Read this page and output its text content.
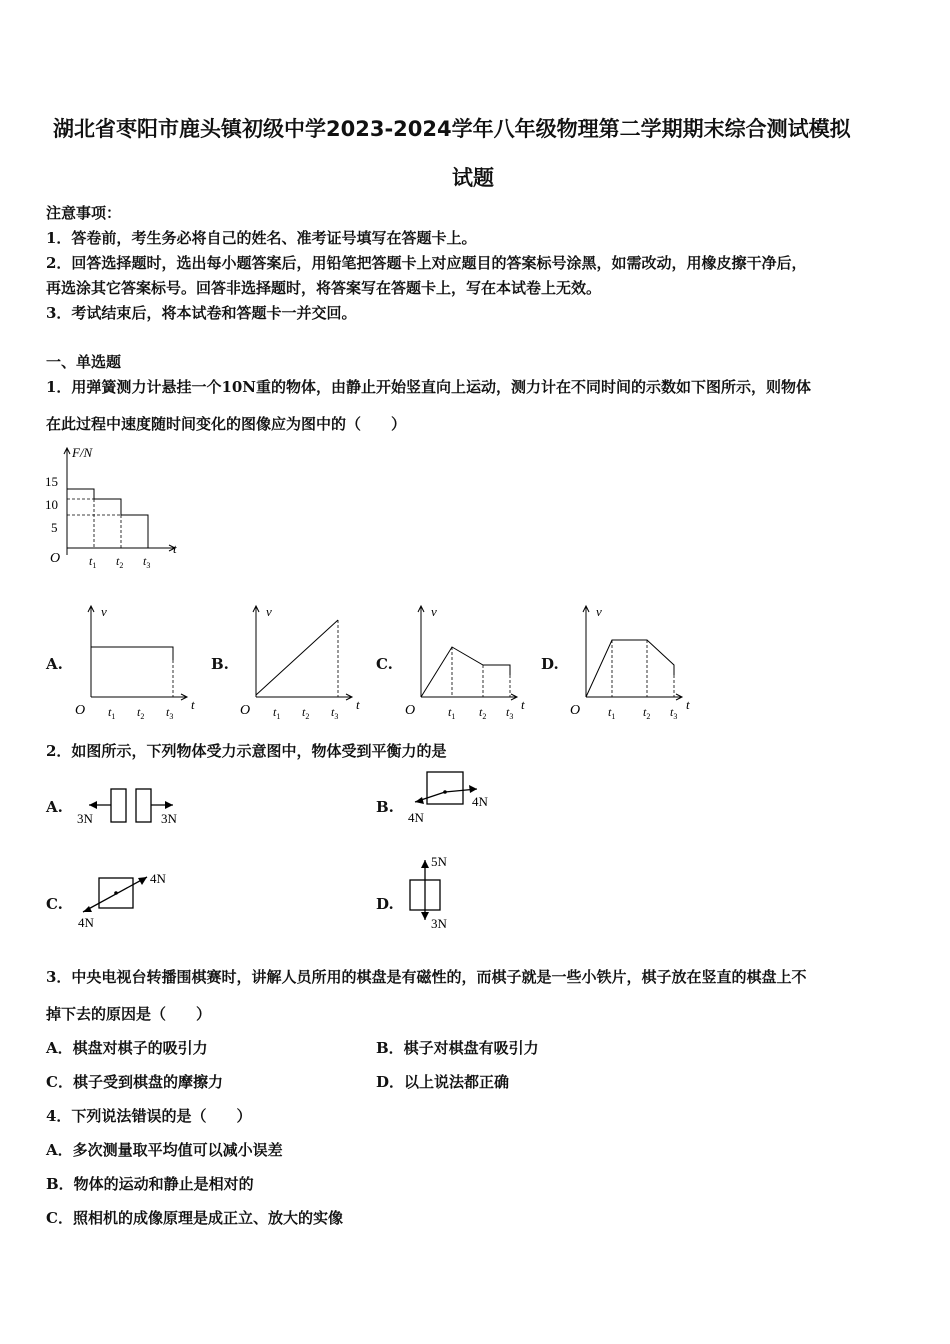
湖北省枣阳市鹿头镇初级中学2023-2024学年八年级物理第二学期期末综合测试模拟
试题
注意事项：
1．答卷前，考生务必将自己的姓名、准考证号填写在答题卡上。
2．回答选择题时，选出每小题答案后，用铅笔把答题卡上对应题目的答案标号涂黑，如需改动，用橡皮擦干净后，
再选涂其它答案标号。回答非选择题时，将答案写在答题卡上，写在本试卷上无效。
3．考试结束后，将本试卷和答题卡一并交回。
一、单选题
1．用弹簧测力计悬挂一个10N重的物体，由静止开始竖直向上运动，测力计在不同时间的示数如下图所示，则物体
在此过程中速度随时间变化的图像应为图中的（　　）
F/N
15
10
5
O
t
$t_1$ $t_2$ $t_3$
A.	B.	C.	D.
v
O	t
$t_1$ $t_2$ $t_3$
v
O	t
$t_1$ $t_2$ $t_3$
v
O	t
$t_1$ $t_2$ $t_3$
v
O	t
$t_1$ $t_2$ $t_3$
2．如图所示，下列物体受力示意图中，物体受到平衡力的是
A.
3N	3N
B.
4N
4N
C.
4N
4N
D.
5N
3N
3．中央电视台转播围棋赛时，讲解人员所用的棋盘是有磁性的，而棋子就是一些小铁片，棋子放在竖直的棋盘上不
掉下去的原因是（　　）
A．棋盘对棋子的吸引力	B．棋子对棋盘有吸引力
C．棋子受到棋盘的摩擦力	D．以上说法都正确
4．下列说法错误的是（　　）
A．多次测量取平均值可以减小误差
B．物体的运动和静止是相对的
C．照相机的成像原理是成正立、放大的实像
